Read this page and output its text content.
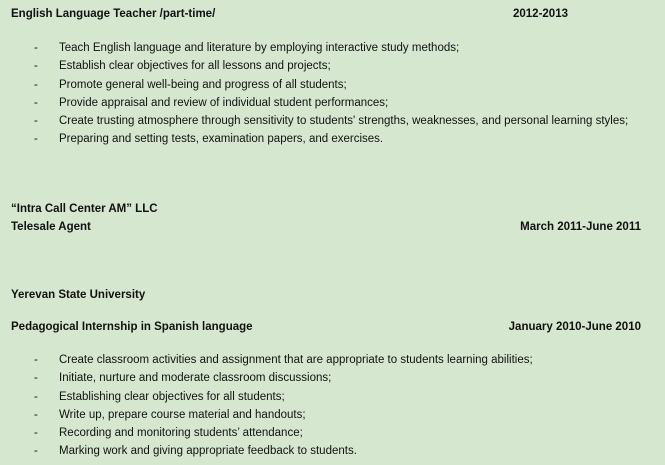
English Language Teacher /part-time/	2012-2013
- Teach English language and literature by employing interactive study methods;
- Establish clear objectives for all lessons and projects;
- Promote general well-being and progress of all students;
- Provide appraisal and review of individual student performances;
- Create trusting atmosphere through sensitivity to students' strengths, weaknesses, and personal learning styles;
- Preparing and setting tests, examination papers, and exercises.
“Intra Call Center AM” LLC
Telesale Agent	March 2011-June 2011
Yerevan State University
Pedagogical Internship in Spanish language	January 2010-June 2010
- Create classroom activities and assignment that are appropriate to students learning abilities;
- Initiate, nurture and moderate classroom discussions;
- Establishing clear objectives for all students;
- Write up, prepare course material and handouts;
- Recording and monitoring students’ attendance;
- Marking work and giving appropriate feedback to students.
